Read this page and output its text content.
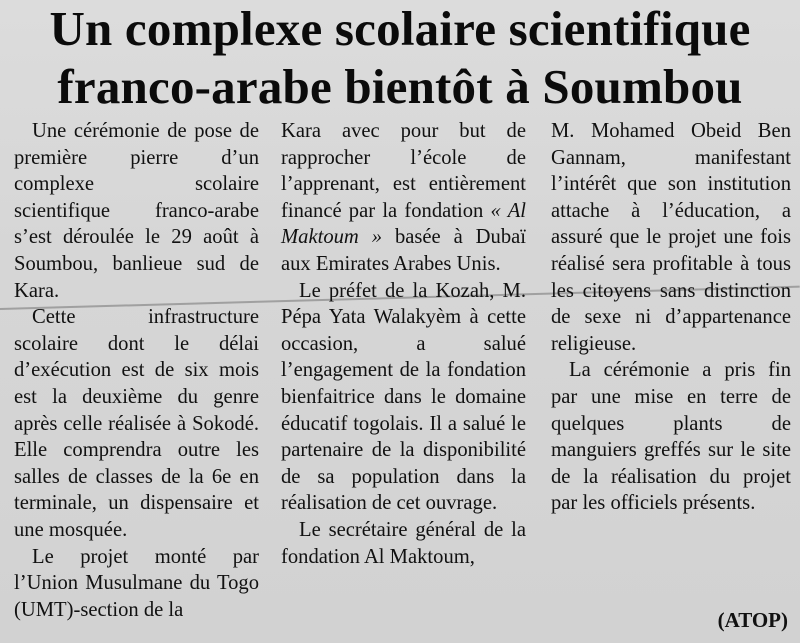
Un complexe scolaire scientifique
franco-arabe bientôt à Soumbou

Une cérémonie de pose de première pierre d’un complexe scolaire scientifique franco-arabe s’est déroulée le 29 août à Soumbou, banlieue sud de Kara.

Cette infrastructure scolaire dont le délai d’exécution est de six mois est la deuxième du genre après celle réalisée à Sokodé. Elle comprendra outre les salles de classes de la 6e en terminale, un dispensaire et une mosquée.

Le projet monté par l’Union Musulmane du Togo (UMT)-section de la

Kara avec pour but de rapprocher l’école de l’apprenant, est entièrement financé par la fondation « Al Maktoum » basée à Dubaï aux Emirates Arabes Unis.

Le préfet de la Kozah, M. Pépa Yata Walakyèm à cette occasion, a salué l’engagement de la fondation bienfaitrice dans le domaine éducatif togolais. Il a salué le partenaire de la disponibilité de sa population dans la réalisation de cet ouvrage.

Le secrétaire général de la fondation Al Maktoum,

M. Mohamed Obeid Ben Gannam, manifestant l’intérêt que son institution attache à l’éducation, a assuré que le projet une fois réalisé sera profitable à tous les citoyens sans distinction de sexe ni d’appartenance religieuse.

La cérémonie a pris fin par une mise en terre de quelques plants de manguiers greffés sur le site de la réalisation du projet par les officiels présents.

(ATOP)
